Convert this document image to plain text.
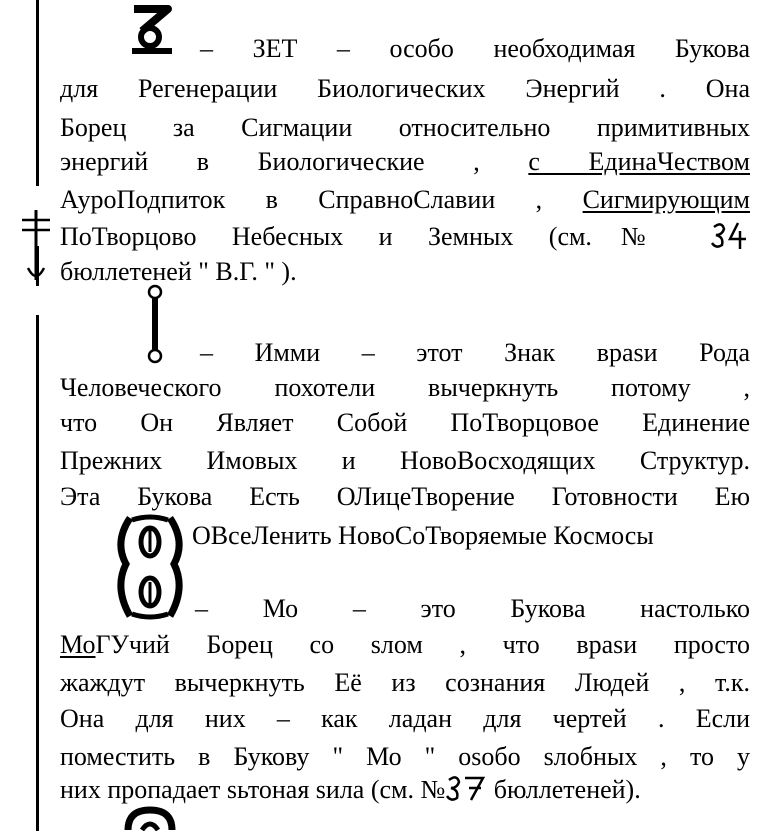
– ЗЕТ – особо необходимая Букова
для Регенерации Биологических Энергий . Она
Борец за Сигмации относительно примитивных
энергий в Биологические , с ЕдинаЧеством
АуроПодпиток в СправноСлавии , Сигмирующим
ПоТворцово Небесных и Земных (см.№
бюллетеней " В.Г. " ).
– Имми – этот Знак враsи Рода
Человеческого похотели вычеркнуть потому ,
что Он Являет Собой ПоТворцовое Единение
Прежних Имовых и НовоВосходящих Структур.
Эта Букова Есть ОЛицеТворение Готовности Ею
ОВсеЛенить НовоСоТворяемые Космосы
– Мо – это Букова настолько
МоГУчий Борец со sлом , что враsи просто
жаждут вычеркнуть Её из сознания Людей , т.к.
Она для них – как ладан для чертей . Если
поместить в Букову " Мо " оsобо sлобных , то у
них пропадает sьтоная sила (см. № бюллетеней).
